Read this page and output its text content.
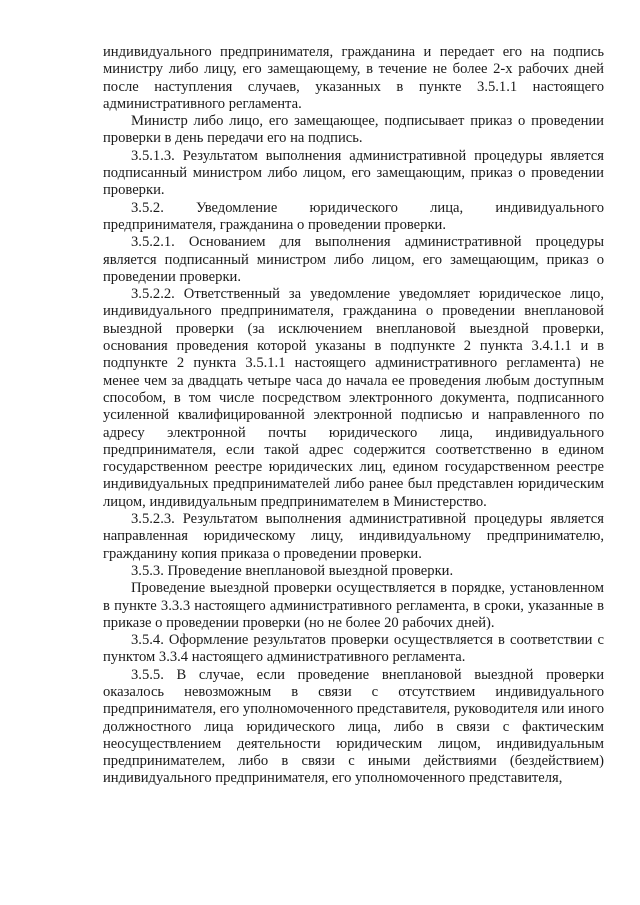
индивидуального предпринимателя, гражданина и передает его на подпись министру либо лицу, его замещающему, в течение не более 2-х рабочих дней после наступления случаев, указанных в пункте 3.5.1.1 настоящего административного регламента.

Министр либо лицо, его замещающее, подписывает приказ о проведении проверки в день передачи его на подпись.

3.5.1.3. Результатом выполнения административной процедуры является подписанный министром либо лицом, его замещающим, приказ о проведении проверки.

3.5.2. Уведомление юридического лица, индивидуального предпринимателя, гражданина о проведении проверки.

3.5.2.1. Основанием для выполнения административной процедуры является подписанный министром либо лицом, его замещающим, приказ о проведении проверки.

3.5.2.2. Ответственный за уведомление уведомляет юридическое лицо, индивидуального предпринимателя, гражданина о проведении внеплановой выездной проверки (за исключением внеплановой выездной проверки, основания проведения которой указаны в подпункте 2 пункта 3.4.1.1 и в подпункте 2 пункта 3.5.1.1 настоящего административного регламента) не менее чем за двадцать четыре часа до начала ее проведения любым доступным способом, в том числе посредством электронного документа, подписанного усиленной квалифицированной электронной подписью и направленного по адресу электронной почты юридического лица, индивидуального предпринимателя, если такой адрес содержится соответственно в едином государственном реестре юридических лиц, едином государственном реестре индивидуальных предпринимателей либо ранее был представлен юридическим лицом, индивидуальным предпринимателем в Министерство.

3.5.2.3. Результатом выполнения административной процедуры является направленная юридическому лицу, индивидуальному предпринимателю, гражданину копия приказа о проведении проверки.

3.5.3. Проведение внеплановой выездной проверки.

Проведение выездной проверки осуществляется в порядке, установленном в пункте 3.3.3 настоящего административного регламента, в сроки, указанные в приказе о проведении проверки (но не более 20 рабочих дней).

3.5.4. Оформление результатов проверки осуществляется в соответствии с пунктом 3.3.4 настоящего административного регламента.

3.5.5. В случае, если проведение внеплановой выездной проверки оказалось невозможным в связи с отсутствием индивидуального предпринимателя, его уполномоченного представителя, руководителя или иного должностного лица юридического лица, либо в связи с фактическим неосуществлением деятельности юридическим лицом, индивидуальным предпринимателем, либо в связи с иными действиями (бездействием) индивидуального предпринимателя, его уполномоченного представителя,
